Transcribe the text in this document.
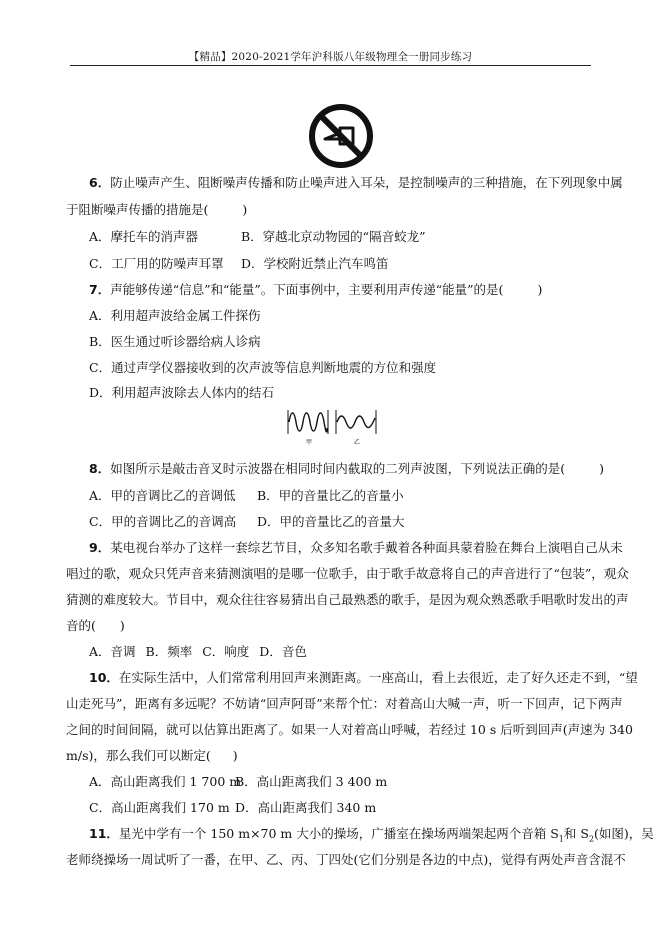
【精品】2020-2021学年沪科版八年级物理全一册同步练习
6．防止噪声产生、阻断噪声传播和防止噪声进入耳朵，是控制噪声的三种措施，在下列现象中属
于阻断噪声传播的措施是(	)
A．摩托车的消声器	B．穿越北京动物园的“隔音蛟龙”
C．工厂用的防噪声耳罩 D．学校附近禁止汽车鸣笛
7．声能够传递“信息”和“能量”。下面事例中，主要利用声传递“能量”的是(	)
A．利用超声波给金属工件探伤
B．医生通过听诊器给病人诊病
C．通过声学仪器接收到的次声波等信息判断地震的方位和强度
D．利用超声波除去人体内的结石
甲	乙
8．如图所示是敲击音叉时示波器在相同时间内截取的二列声波图，下列说法正确的是(	)
A．甲的音调比乙的音调低 B．甲的音量比乙的音量小
C．甲的音调比乙的音调高 D．甲的音量比乙的音量大
9．某电视台举办了这样一套综艺节目，众多知名歌手戴着各种面具蒙着脸在舞台上演唱自己从未
唱过的歌，观众只凭声音来猜测演唱的是哪一位歌手，由于歌手故意将自己的声音进行了“包装”，观众
猜测的难度较大。节目中，观众往往容易猜出自己最熟悉的歌手，是因为观众熟悉歌手唱歌时发出的声
音的( )
A．音调 B．频率 C．响度 D．音色
10．在实际生活中，人们常常利用回声来测距离。一座高山，看上去很近，走了好久还走不到，“望
山走死马”，距离有多远呢？不妨请“回声阿哥”来帮个忙：对着高山大喊一声，听一下回声，记下两声
之间的时间间隔，就可以估算出距离了。如果一人对着高山呼喊，若经过 10 s 后听到回声(声速为 340
m/s)，那么我们可以断定( )
A．高山距离我们 1 700 mB．高山距离我们 3 400 m
C．高山距离我们 170 m D．高山距离我们 340 m
11．星光中学有一个 150 m×70 m 大小的操场，广播室在操场两端架起两个音箱 $S_1$和 $S_2$(如图)，吴
老师绕操场一周试听了一番，在甲、乙、丙、丁四处(它们分别是各边的中点)，觉得有两处声音含混不
